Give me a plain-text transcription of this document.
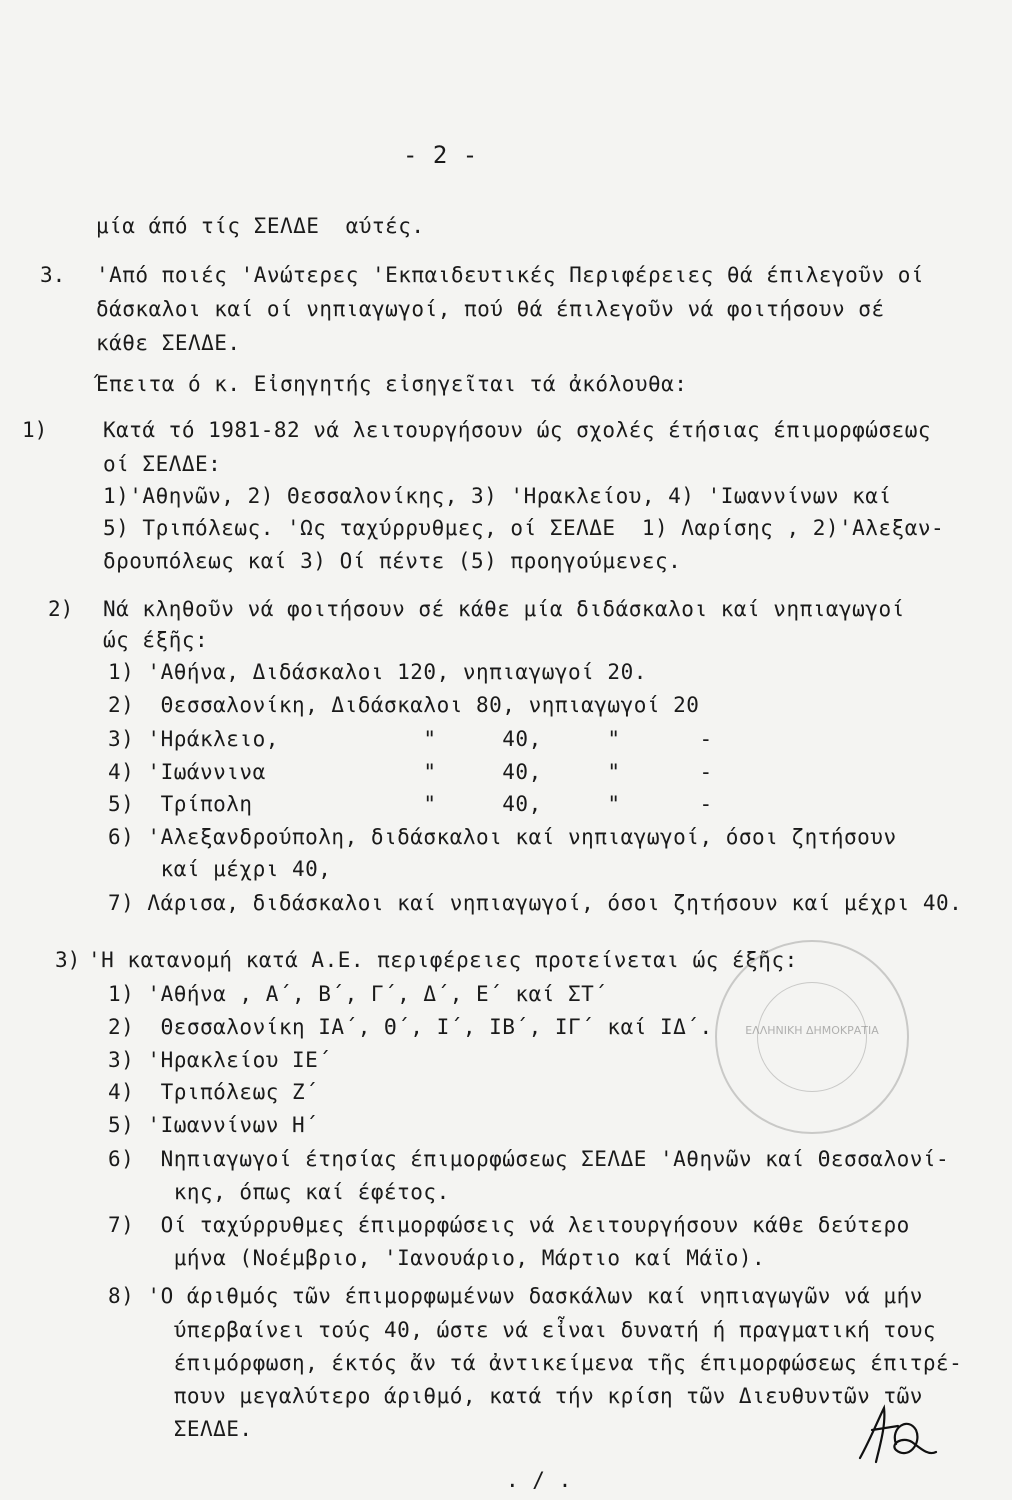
- 2 -
μία άπό τίς ΣΕΛΔΕ  αύτές.
3. 'Από ποιές 'Ανώτερες 'Εκπαιδευτικές Περιφέρειες θά έπιλεγοῦν οί
δάσκαλοι καί οί νηπιαγωγοί, πού θά έπιλεγοῦν νά φοιτήσουν σέ
κάθε ΣΕΛΔΕ.
Έπειτα ό κ. Εἰσηγητής εἰσηγεῖται τά ἀκόλουθα:
1)	Κατά τό 1981-82 νά λειτουργήσουν ώς σχολές έτήσιας έπιμορφώσεως
οί ΣΕΛΔΕ:
1)'Αθηνῶν, 2) Θεσσαλονίκης, 3) 'Ηρακλείου, 4) 'Ιωαννίνων καί
5) Τριπόλεως. 'Ως ταχύρρυθμες, οί ΣΕΛΔΕ  1) Λαρίσης , 2)'Αλεξαν-
δρουπόλεως καί 3) Οί πέντε (5) προηγούμενες.
2) Νά κληθοῦν νά φοιτήσουν σέ κάθε μία διδάσκαλοι καί νηπιαγωγοί
ώς έξῆς:
1) 'Αθήνα, Διδάσκαλοι 120, νηπιαγωγοί 20.
2)  Θεσσαλονίκη, Διδάσκαλοι 80, νηπιαγωγοί 20
3) 'Ηράκλειο,           "     40,     "      -
4) 'Ιωάννινα            "     40,     "      -
5)  Τρίπολη             "     40,     "      -
6) 'Αλεξανδρούπολη, διδάσκαλοι καί νηπιαγωγοί, όσοι ζητήσουν
καί μέχρι 40,
7) Λάρισα, διδάσκαλοι καί νηπιαγωγοί, όσοι ζητήσουν καί μέχρι 40.
3) 'Η κατανομή κατά Α.Ε. περιφέρειες προτείνεται ώς έξῆς:
1) 'Αθήνα , Α΄, Β΄, Γ΄, Δ΄, Ε΄ καί ΣΤ΄
2)  Θεσσαλονίκη ΙΑ΄, Θ΄, Ι΄, ΙΒ΄, ΙΓ΄ καί ΙΔ΄.
3) 'Ηρακλείου ΙΕ΄
4)  Τριπόλεως Ζ΄
5) 'Ιωαννίνων Η΄
6)  Νηπιαγωγοί έτησίας έπιμορφώσεως ΣΕΛΔΕ 'Αθηνῶν καί Θεσσαλονί-
κης, όπως καί έφέτος.
7)  Οί ταχύρρυθμες έπιμορφώσεις νά λειτουργήσουν κάθε δεύτερο
μήνα (Νοέμβριο, 'Ιανουάριο, Μάρτιο καί Μάϊο).
8) 'Ο άριθμός τῶν έπιμορφωμένων δασκάλων καί νηπιαγωγῶν νά μήν
ύπερβαίνει τούς 40, ώστε νά εἶναι δυνατή ή πραγματική τους
έπιμόρφωση, έκτός ἄν τά ἀντικείμενα τῆς έπιμορφώσεως έπιτρέ-
πουν μεγαλύτερο άριθμό, κατά τήν κρίση τῶν Διευθυντῶν τῶν
ΣΕΛΔΕ.
ΕΛΛΗΝΙΚΗ ΔΗΜΟΚΡΑΤΙΑ
. / .
